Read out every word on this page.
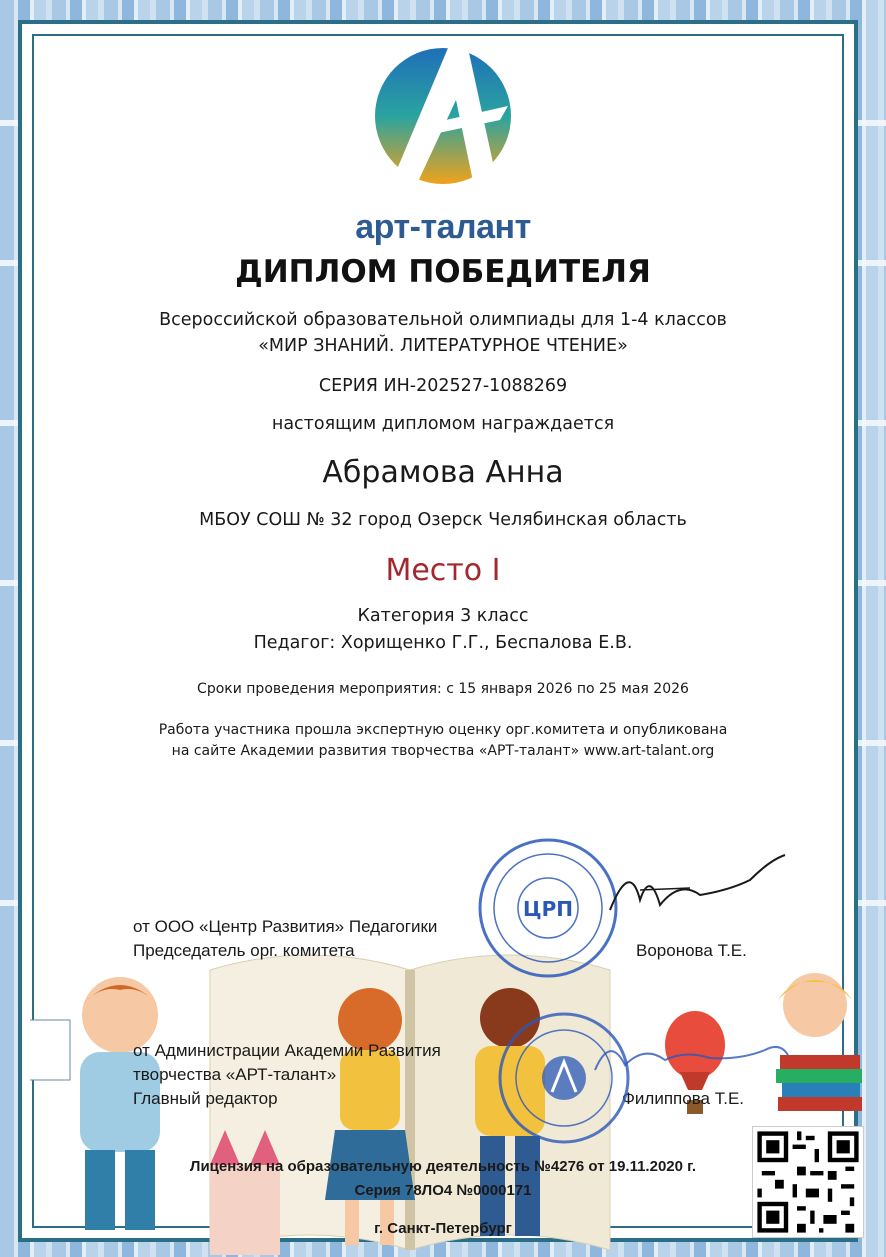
арт-талант
ДИПЛОМ ПОБЕДИТЕЛЯ
Всероссийской образовательной олимпиады для 1-4 классов
«МИР ЗНАНИЙ. ЛИТЕРАТУРНОЕ ЧТЕНИЕ»
СЕРИЯ ИН-202527-1088269
настоящим дипломом награждается
Абрамова Анна
МБОУ СОШ № 32 город Озерск Челябинская область
Место I
Категория 3 класс
Педагог: Хорищенко Г.Г., Беспалова Е.В.
Сроки проведения мероприятия: с 15 января 2026 по 25 мая 2026
Работа участника прошла экспертную оценку орг.комитета и опубликована
на сайте Академии развития творчества «АРТ-талант» www.art-talant.org
от ООО «Центр Развития» Педагогики
Председатель орг. комитета	Воронова Т.Е.
ЦРП
от Администрации Академии Развития
творчества «АРТ-талант»
Главный редактор	Филиппова Т.Е.
Лицензия на образовательную деятельность №4276 от 19.11.2020 г.
Серия 78ЛО4 №0000171
г. Санкт-Петербург
